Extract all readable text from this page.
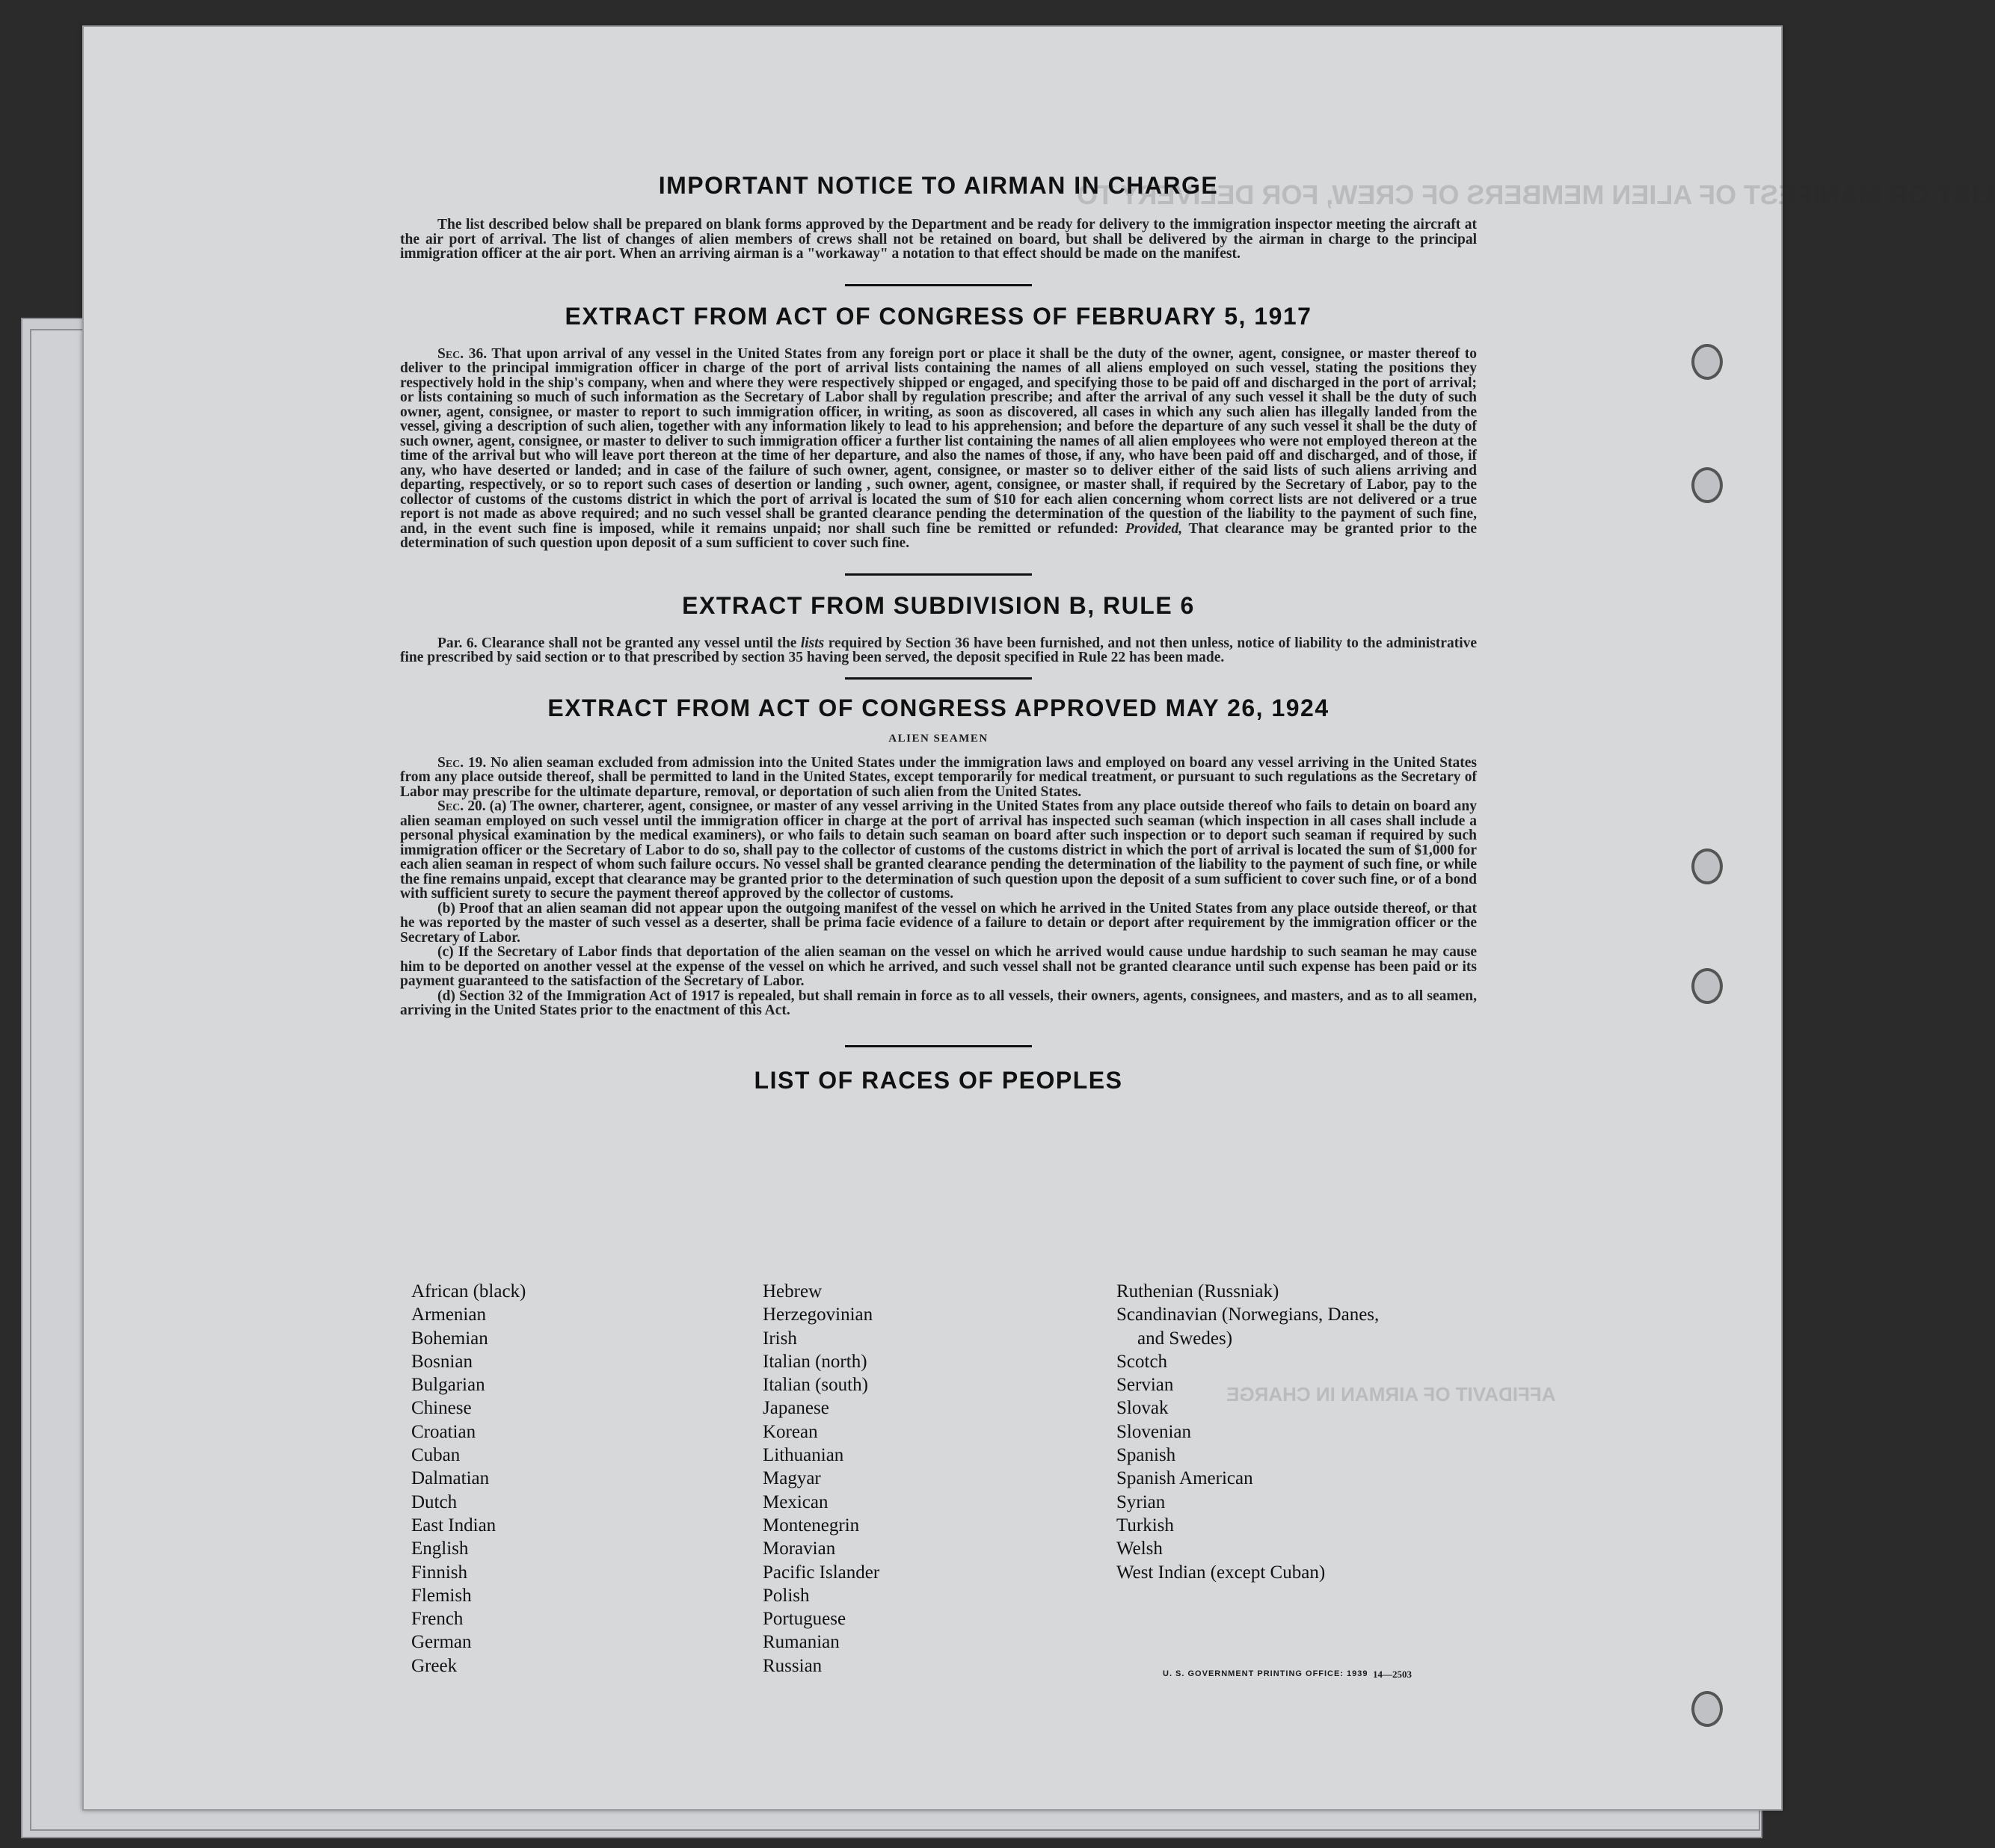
LIST OR MANIFEST OF ALIEN MEMBERS OF CREW, FOR DELIVERY TO
AFFIDAVIT OF AIRMAN IN CHARGE
IMPORTANT NOTICE TO AIRMAN IN CHARGE

The list described below shall be prepared on blank forms approved by the Department and be ready for delivery to the immigration inspector meeting the aircraft at the air port of arrival. The list of changes of alien members of crews shall not be retained on board, but shall be delivered by the airman in charge to the principal immigration officer at the air port. When an arriving airman is a "workaway" a notation to that effect should be made on the manifest.

EXTRACT FROM ACT OF CONGRESS OF FEBRUARY 5, 1917

Sec. 36. That upon arrival of any vessel in the United States from any foreign port or place it shall be the duty of the owner, agent, consignee, or master thereof to deliver to the principal immigration officer in charge of the port of arrival lists containing the names of all aliens employed on such vessel, stating the positions they respectively hold in the ship's company, when and where they were respectively shipped or engaged, and specifying those to be paid off and discharged in the port of arrival; or lists containing so much of such information as the Secretary of Labor shall by regulation prescribe; and after the arrival of any such vessel it shall be the duty of such owner, agent, consignee, or master to report to such immigration officer, in writing, as soon as discovered, all cases in which any such alien has illegally landed from the vessel, giving a description of such alien, together with any information likely to lead to his apprehension; and before the departure of any such vessel it shall be the duty of such owner, agent, consignee, or master to deliver to such immigration officer a further list containing the names of all alien employees who were not employed thereon at the time of the arrival but who will leave port thereon at the time of her departure, and also the names of those, if any, who have been paid off and discharged, and of those, if any, who have deserted or landed; and in case of the failure of such owner, agent, consignee, or master so to deliver either of the said lists of such aliens arriving and departing, respectively, or so to report such cases of desertion or landing , such owner, agent, consignee, or master shall, if required by the Secretary of Labor, pay to the collector of customs of the customs district in which the port of arrival is located the sum of $10 for each alien concerning whom correct lists are not delivered or a true report is not made as above required; and no such vessel shall be granted clearance pending the determination of the question of the liability to the payment of such fine, and, in the event such fine is imposed, while it remains unpaid; nor shall such fine be remitted or refunded: Provided, That clearance may be granted prior to the determination of such question upon deposit of a sum sufficient to cover such fine.

EXTRACT FROM SUBDIVISION B, RULE 6

Par. 6. Clearance shall not be granted any vessel until the lists required by Section 36 have been furnished, and not then unless, notice of liability to the administrative fine prescribed by said section or to that prescribed by section 35 having been served, the deposit specified in Rule 22 has been made.

EXTRACT FROM ACT OF CONGRESS APPROVED MAY 26, 1924

ALIEN SEAMEN

Sec. 19. No alien seaman excluded from admission into the United States under the immigration laws and employed on board any vessel arriving in the United States from any place outside thereof, shall be permitted to land in the United States, except temporarily for medical treatment, or pursuant to such regulations as the Secretary of Labor may prescribe for the ultimate departure, removal, or deportation of such alien from the United States.

Sec. 20. (a) The owner, charterer, agent, consignee, or master of any vessel arriving in the United States from any place outside thereof who fails to detain on board any alien seaman employed on such vessel until the immigration officer in charge at the port of arrival has inspected such seaman (which inspection in all cases shall include a personal physical examination by the medical examiners), or who fails to detain such seaman on board after such inspection or to deport such seaman if required by such immigration officer or the Secretary of Labor to do so, shall pay to the collector of customs of the customs district in which the port of arrival is located the sum of $1,000 for each alien seaman in respect of whom such failure occurs. No vessel shall be granted clearance pending the determination of the liability to the payment of such fine, or while the fine remains unpaid, except that clearance may be granted prior to the determination of such question upon the deposit of a sum sufficient to cover such fine, or of a bond with sufficient surety to secure the payment thereof approved by the collector of customs.

(b) Proof that an alien seaman did not appear upon the outgoing manifest of the vessel on which he arrived in the United States from any place outside thereof, or that he was reported by the master of such vessel as a deserter, shall be prima facie evidence of a failure to detain or deport after requirement by the immigration officer or the Secretary of Labor.

(c) If the Secretary of Labor finds that deportation of the alien seaman on the vessel on which he arrived would cause undue hardship to such seaman he may cause him to be deported on another vessel at the expense of the vessel on which he arrived, and such vessel shall not be granted clearance until such expense has been paid or its payment guaranteed to the satisfaction of the Secretary of Labor.

(d) Section 32 of the Immigration Act of 1917 is repealed, but shall remain in force as to all vessels, their owners, agents, consignees, and masters, and as to all seamen, arriving in the United States prior to the enactment of this Act.

LIST OF RACES OF PEOPLES
African (black)
Armenian
Bohemian
Bosnian
Bulgarian
Chinese
Croatian
Cuban
Dalmatian
Dutch
East Indian
English
Finnish
Flemish
French
German
Greek
Hebrew
Herzegovinian
Irish
Italian (north)
Italian (south)
Japanese
Korean
Lithuanian
Magyar
Mexican
Montenegrin
Moravian
Pacific Islander
Polish
Portuguese
Rumanian
Russian
Ruthenian (Russniak)
Scandinavian (Norwegians, Danes,
and Swedes)
Scotch
Servian
Slovak
Slovenian
Spanish
Spanish American
Syrian
Turkish
Welsh
West Indian (except Cuban)
U. S. GOVERNMENT PRINTING OFFICE: 1939 14—2503
